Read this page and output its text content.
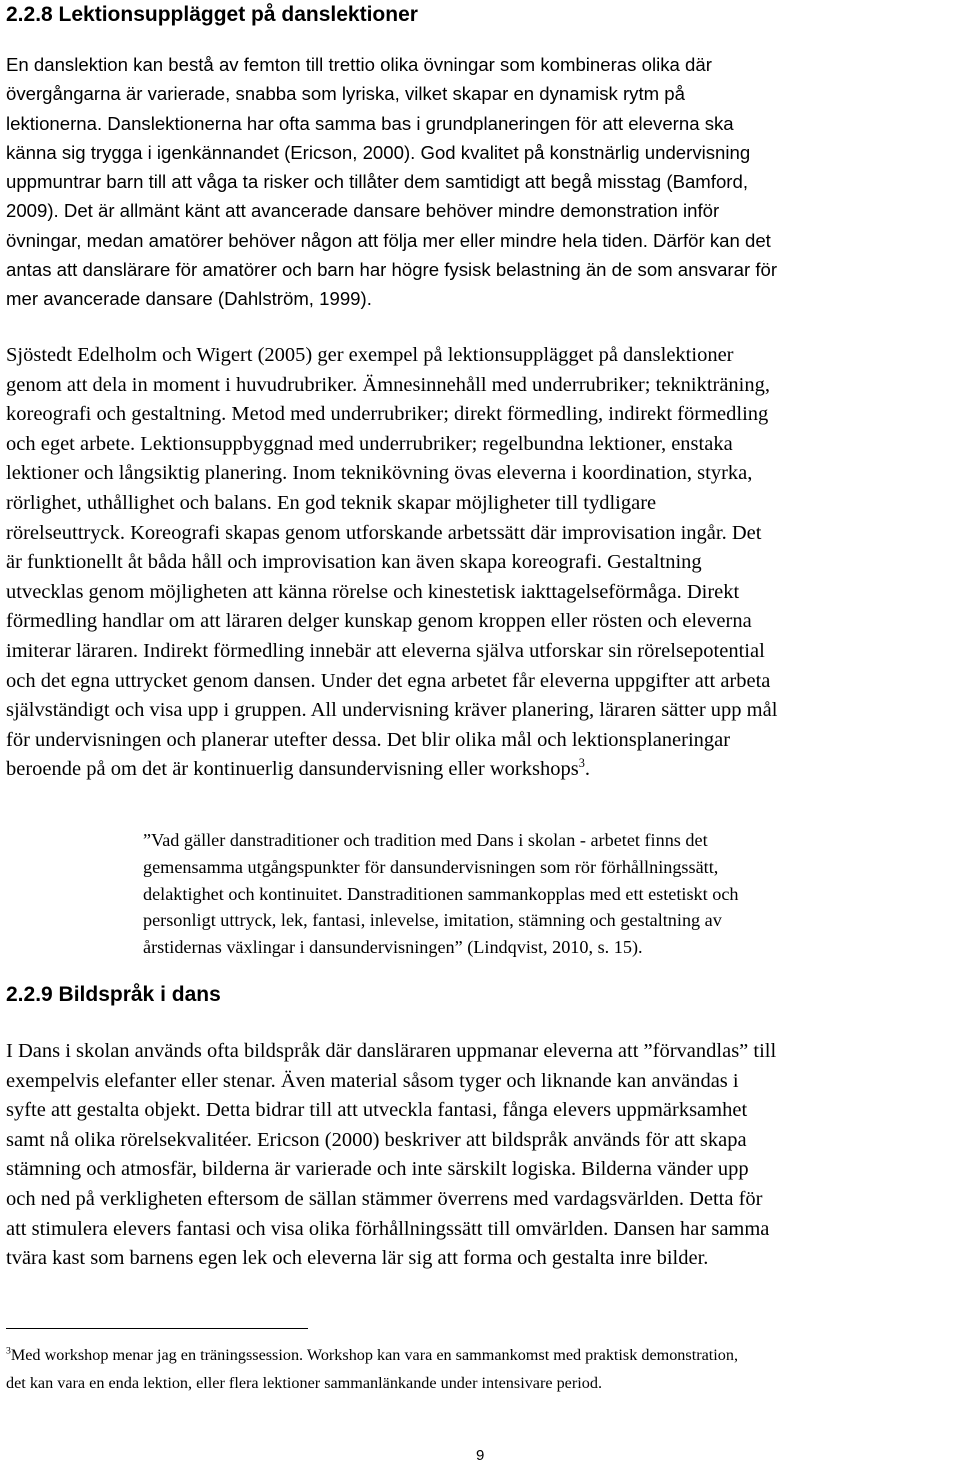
2.2.8 Lektionsupplägget på danslektioner
En danslektion kan bestå av femton till trettio olika övningar som kombineras olika där
övergångarna är varierade, snabba som lyriska, vilket skapar en dynamisk rytm på
lektionerna. Danslektionerna har ofta samma bas i grundplaneringen för att eleverna ska
känna sig trygga i igenkännandet (Ericson, 2000). God kvalitet på konstnärlig undervisning
uppmuntrar barn till att våga ta risker och tillåter dem samtidigt att begå misstag (Bamford,
2009). Det är allmänt känt att avancerade dansare behöver mindre demonstration inför
övningar, medan amatörer behöver någon att följa mer eller mindre hela tiden. Därför kan det
antas att danslärare för amatörer och barn har högre fysisk belastning än de som ansvarar för
mer avancerade dansare (Dahlström, 1999).
Sjöstedt Edelholm och Wigert (2005) ger exempel på lektionsupplägget på danslektioner
genom att dela in moment i huvudrubriker. Ämnesinnehåll med underrubriker; teknikträning,
koreografi och gestaltning. Metod med underrubriker; direkt förmedling, indirekt förmedling
och eget arbete. Lektionsuppbyggnad med underrubriker; regelbundna lektioner, enstaka
lektioner och långsiktig planering. Inom teknikövning övas eleverna i koordination, styrka,
rörlighet, uthållighet och balans. En god teknik skapar möjligheter till tydligare
rörelseuttryck. Koreografi skapas genom utforskande arbetssätt där improvisation ingår. Det
är funktionellt åt båda håll och improvisation kan även skapa koreografi. Gestaltning
utvecklas genom möjligheten att känna rörelse och kinestetisk iakttagelseförmåga. Direkt
förmedling handlar om att läraren delger kunskap genom kroppen eller rösten och eleverna
imiterar läraren. Indirekt förmedling innebär att eleverna själva utforskar sin rörelsepotential
och det egna uttrycket genom dansen. Under det egna arbetet får eleverna uppgifter att arbeta
självständigt och visa upp i gruppen. All undervisning kräver planering, läraren sätter upp mål
för undervisningen och planerar utefter dessa. Det blir olika mål och lektionsplaneringar
beroende på om det är kontinuerlig dansundervisning eller workshops$^3$.
”Vad gäller danstraditioner och tradition med Dans i skolan - arbetet finns det
gemensamma utgångspunkter för dansundervisningen som rör förhållningssätt,
delaktighet och kontinuitet. Danstraditionen sammankopplas med ett estetiskt och
personligt uttryck, lek, fantasi, inlevelse, imitation, stämning och gestaltning av
årstidernas växlingar i dansundervisningen” (Lindqvist, 2010, s. 15).
2.2.9 Bildspråk i dans
I Dans i skolan används ofta bildspråk där dansläraren uppmanar eleverna att ”förvandlas” till
exempelvis elefanter eller stenar. Även material såsom tyger och liknande kan användas i
syfte att gestalta objekt. Detta bidrar till att utveckla fantasi, fånga elevers uppmärksamhet
samt nå olika rörelsekvalitéer. Ericson (2000) beskriver att bildspråk används för att skapa
stämning och atmosfär, bilderna är varierade och inte särskilt logiska. Bilderna vänder upp
och ned på verkligheten eftersom de sällan stämmer överrens med vardagsvärlden. Detta för
att stimulera elevers fantasi och visa olika förhållningssätt till omvärlden. Dansen har samma
tvära kast som barnens egen lek och eleverna lär sig att forma och gestalta inre bilder.
$^3$Med workshop menar jag en träningssession. Workshop kan vara en sammankomst med praktisk demonstration,
det kan vara en enda lektion, eller flera lektioner sammanlänkande under intensivare period.
9
